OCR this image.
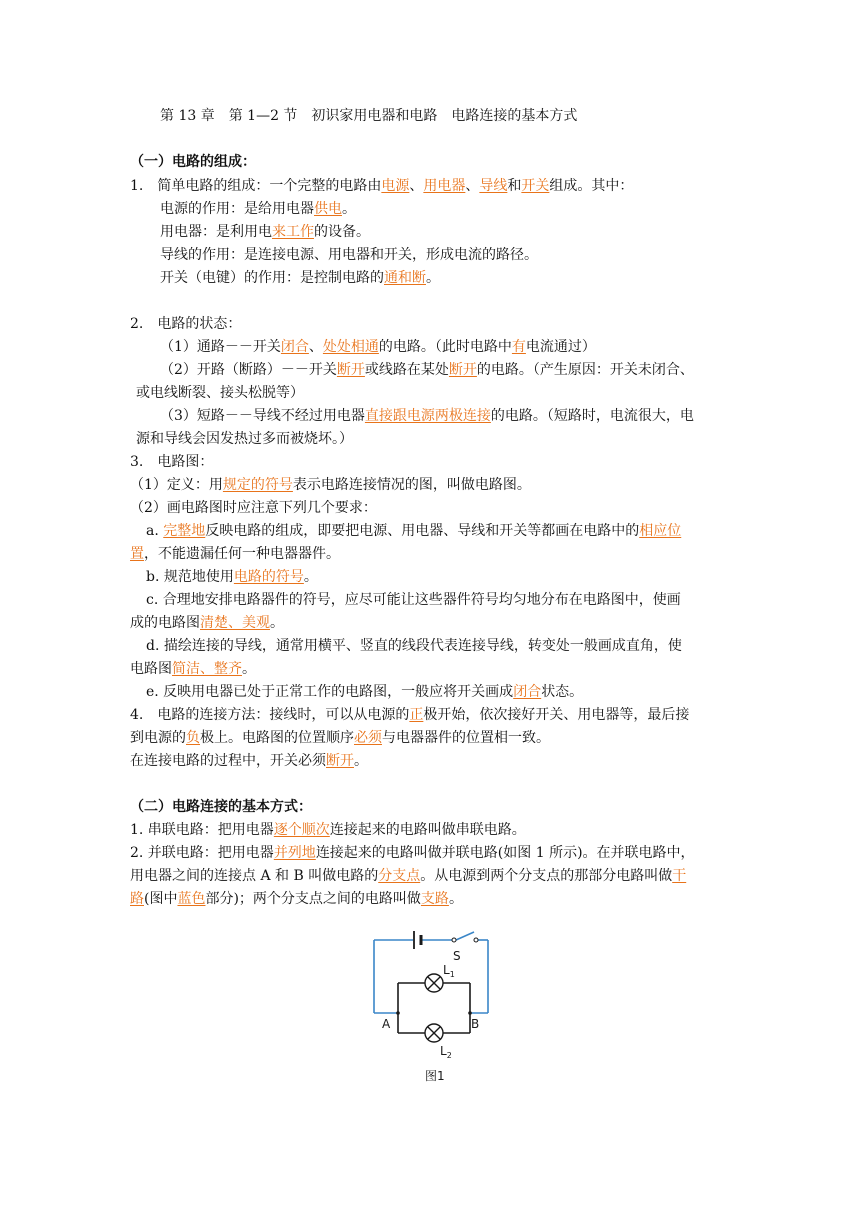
第 13 章　第 1—2 节　初识家用电器和电路　电路连接的基本方式
（一）电路的组成：
1.　简单电路的组成：一个完整的电路由电源、用电器、导线和开关组成。其中：
电源的作用：是给用电器供电。
用电器：是利用电来工作的设备。
导线的作用：是连接电源、用电器和开关，形成电流的路径。
开关（电键）的作用：是控制电路的通和断。
2.　电路的状态：
（1）通路－－开关闭合、处处相通的电路。（此时电路中有电流通过）
（2）开路（断路）－－开关断开或线路在某处断开的电路。（产生原因：开关未闭合、
或电线断裂、接头松脱等）
（3）短路－－导线不经过用电器直接跟电源两极连接的电路。（短路时，电流很大，电
源和导线会因发热过多而被烧坏。）
3.　电路图：
（1）定义：用规定的符号表示电路连接情况的图，叫做电路图。
（2）画电路图时应注意下列几个要求：
a. 完整地反映电路的组成，即要把电源、用电器、导线和开关等都画在电路中的相应位
置，不能遗漏任何一种电器器件。
b. 规范地使用电路的符号。
c. 合理地安排电路器件的符号，应尽可能让这些器件符号均匀地分布在电路图中，使画
成的电路图清楚、美观。
d. 描绘连接的导线，通常用横平、竖直的线段代表连接导线，转变处一般画成直角，使
电路图简洁、整齐。
e. 反映用电器已处于正常工作的电路图，一般应将开关画成闭合状态。
4.　电路的连接方法：接线时，可以从电源的正极开始，依次接好开关、用电器等，最后接
到电源的负极上。电路图的位置顺序必须与电器器件的位置相一致。
在连接电路的过程中，开关必须断开。
（二）电路连接的基本方式：
1. 串联电路：把用电器逐个顺次连接起来的电路叫做串联电路。
2. 并联电路：把用电器并列地连接起来的电路叫做并联电路(如图 1 所示)。在并联电路中，
用电器之间的连接点 A 和 B 叫做电路的分支点。从电源到两个分支点的那部分电路叫做干
路(图中蓝色部分)；两个分支点之间的电路叫做支路。
S
$L_1$
$L_2$
A	B
图1
